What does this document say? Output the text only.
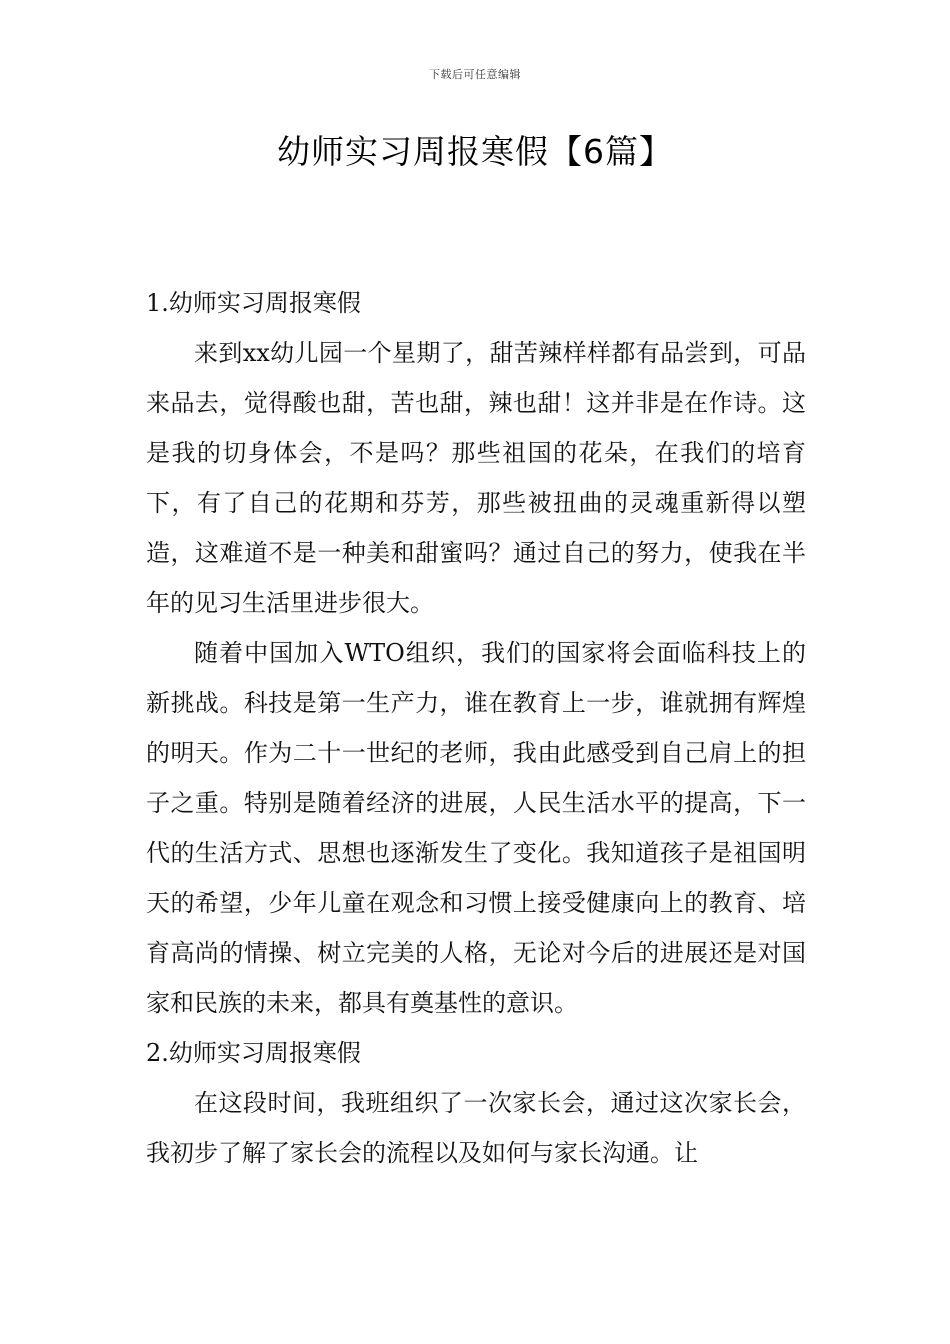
下载后可任意编辑
幼师实习周报寒假【6篇】

1.幼师实习周报寒假

来到xx幼儿园一个星期了，甜苦辣样样都有品尝到，可品来品去，觉得酸也甜，苦也甜，辣也甜！这并非是在作诗。这是我的切身体会，不是吗？那些祖国的花朵，在我们的培育下，有了自己的花期和芬芳，那些被扭曲的灵魂重新得以塑造，这难道不是一种美和甜蜜吗？通过自己的努力，使我在半年的见习生活里进步很大。

随着中国加入WTO组织，我们的国家将会面临科技上的新挑战。科技是第一生产力，谁在教育上一步，谁就拥有辉煌的明天。作为二十一世纪的老师，我由此感受到自己肩上的担子之重。特别是随着经济的进展，人民生活水平的提高，下一代的生活方式、思想也逐渐发生了变化。我知道孩子是祖国明天的希望，少年儿童在观念和习惯上接受健康向上的教育、培育高尚的情操、树立完美的人格，无论对今后的进展还是对国家和民族的未来，都具有奠基性的意识。

2.幼师实习周报寒假

在这段时间，我班组织了一次家长会，通过这次家长会，我初步了解了家长会的流程以及如何与家长沟通。让
